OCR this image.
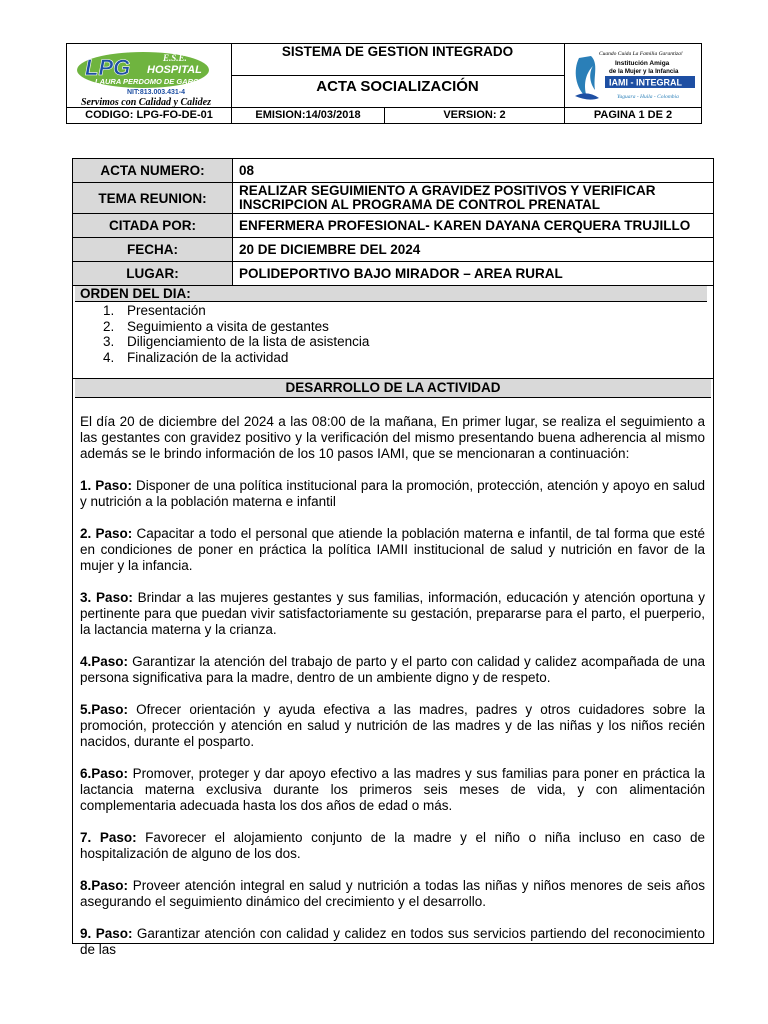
LPG	E.S.E.
HOSPITAL
LAURA PERDOMO DE GARCIA
NIT:813.003.431-4
Servimos con Calidad y Calidez
SISTEMA DE GESTION INTEGRADO
ACTA SOCIALIZACIÓN
Cuando Cuida La Familia Garantiza!
Institución Amiga
de la Mujer y la Infancia
IAMI - INTEGRAL
Yaguara - Huila - Colombia
CODIGO: LPG-FO-DE-01	EMISION:14/03/2018	VERSION: 2	PAGINA 1 DE 2
ACTA NUMERO:	08
TEMA REUNION:	REALIZAR SEGUIMIENTO A GRAVIDEZ POSITIVOS Y VERIFICAR INSCRIPCION AL PROGRAMA DE CONTROL PRENATAL
CITADA POR:	ENFERMERA PROFESIONAL- KAREN DAYANA CERQUERA TRUJILLO
FECHA:	20 DE DICIEMBRE DEL 2024
LUGAR:	POLIDEPORTIVO BAJO MIRADOR – AREA RURAL
ORDEN DEL DIA:
1. Presentación
2. Seguimiento a visita de gestantes
3. Diligenciamiento de la lista de asistencia
4. Finalización de la actividad
DESARROLLO DE LA ACTIVIDAD

El día 20 de diciembre del 2024 a las 08:00 de la mañana, En primer lugar, se realiza el seguimiento a las gestantes con gravidez positivo y la verificación del mismo presentando buena adherencia al mismo además se le brindo información de los 10 pasos IAMI, que se mencionaran a continuación:

1. Paso: Disponer de una política institucional para la promoción, protección, atención y apoyo en salud y nutrición a la población materna e infantil

2. Paso: Capacitar a todo el personal que atiende la población materna e infantil, de tal forma que esté en condiciones de poner en práctica la política IAMII institucional de salud y nutrición en favor de la mujer y la infancia.

3. Paso: Brindar a las mujeres gestantes y sus familias, información, educación y atención oportuna y pertinente para que puedan vivir satisfactoriamente su gestación, prepararse para el parto, el puerperio, la lactancia materna y la crianza.

4.Paso: Garantizar la atención del trabajo de parto y el parto con calidad y calidez acompañada de una persona significativa para la madre, dentro de un ambiente digno y de respeto.

5.Paso: Ofrecer orientación y ayuda efectiva a las madres, padres y otros cuidadores sobre la promoción, protección y atención en salud y nutrición de las madres y de las niñas y los niños recién nacidos, durante el posparto.

6.Paso: Promover, proteger y dar apoyo efectivo a las madres y sus familias para poner en práctica la lactancia materna exclusiva durante los primeros seis meses de vida, y con alimentación complementaria adecuada hasta los dos años de edad o más.

7. Paso: Favorecer el alojamiento conjunto de la madre y el niño o niña incluso en caso de hospitalización de alguno de los dos.

8.Paso: Proveer atención integral en salud y nutrición a todas las niñas y niños menores de seis años asegurando el seguimiento dinámico del crecimiento y el desarrollo.

9. Paso: Garantizar atención con calidad y calidez en todos sus servicios partiendo del reconocimiento de las
